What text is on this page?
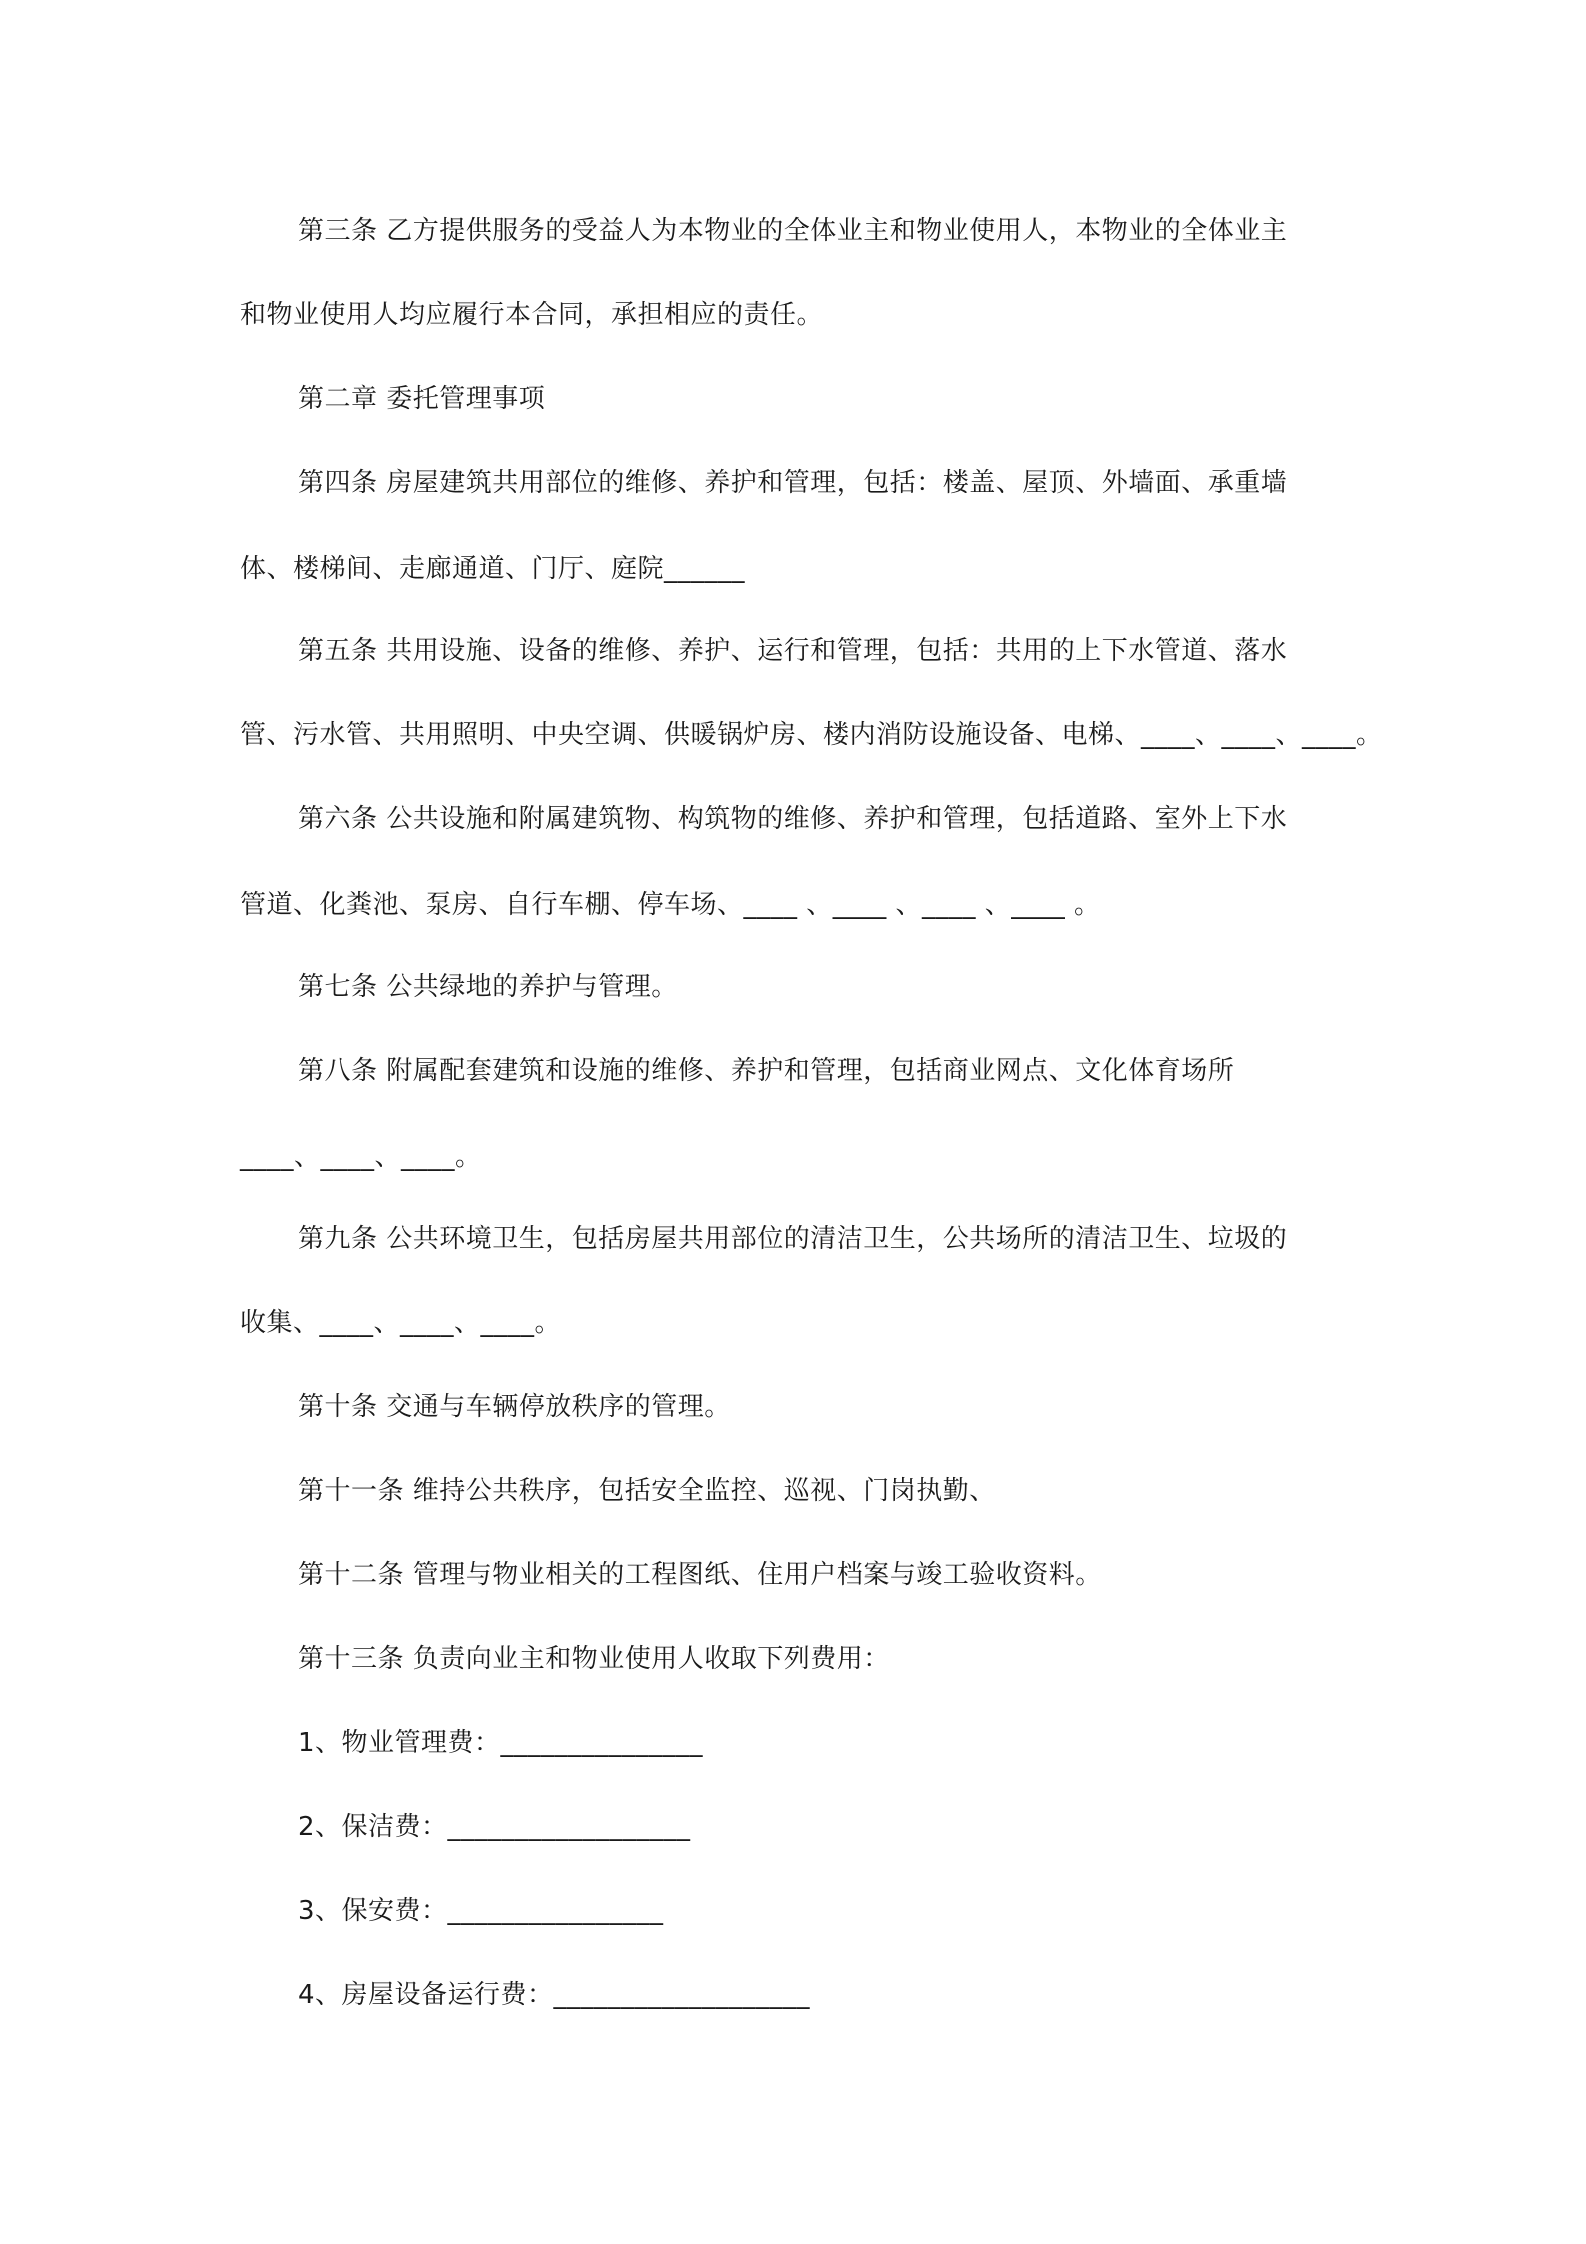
第三条 乙方提供服务的受益人为本物业的全体业主和物业使用人，本物业的全体业主
和物业使用人均应履行本合同，承担相应的责任。
第二章 委托管理事项
第四条 房屋建筑共用部位的维修、养护和管理，包括：楼盖、屋顶、外墙面、承重墙
体、楼梯间、走廊通道、门厅、庭院______
第五条 共用设施、设备的维修、养护、运行和管理，包括：共用的上下水管道、落水
管、污水管、共用照明、中央空调、供暖锅炉房、楼内消防设施设备、电梯、____、____、____。
第六条 公共设施和附属建筑物、构筑物的维修、养护和管理，包括道路、室外上下水
管道、化粪池、泵房、自行车棚、停车场、____ 、____ 、____ 、____ 。
第七条 公共绿地的养护与管理。
第八条 附属配套建筑和设施的维修、养护和管理，包括商业网点、文化体育场所
____、____、____。
第九条 公共环境卫生，包括房屋共用部位的清洁卫生，公共场所的清洁卫生、垃圾的
收集、____、____、____。
第十条 交通与车辆停放秩序的管理。
第十一条 维持公共秩序，包括安全监控、巡视、门岗执勤、
第十二条 管理与物业相关的工程图纸、住用户档案与竣工验收资料。
第十三条 负责向业主和物业使用人收取下列费用：
1、物业管理费：_______________
2、保洁费：__________________
3、保安费：________________
4、房屋设备运行费：___________________
